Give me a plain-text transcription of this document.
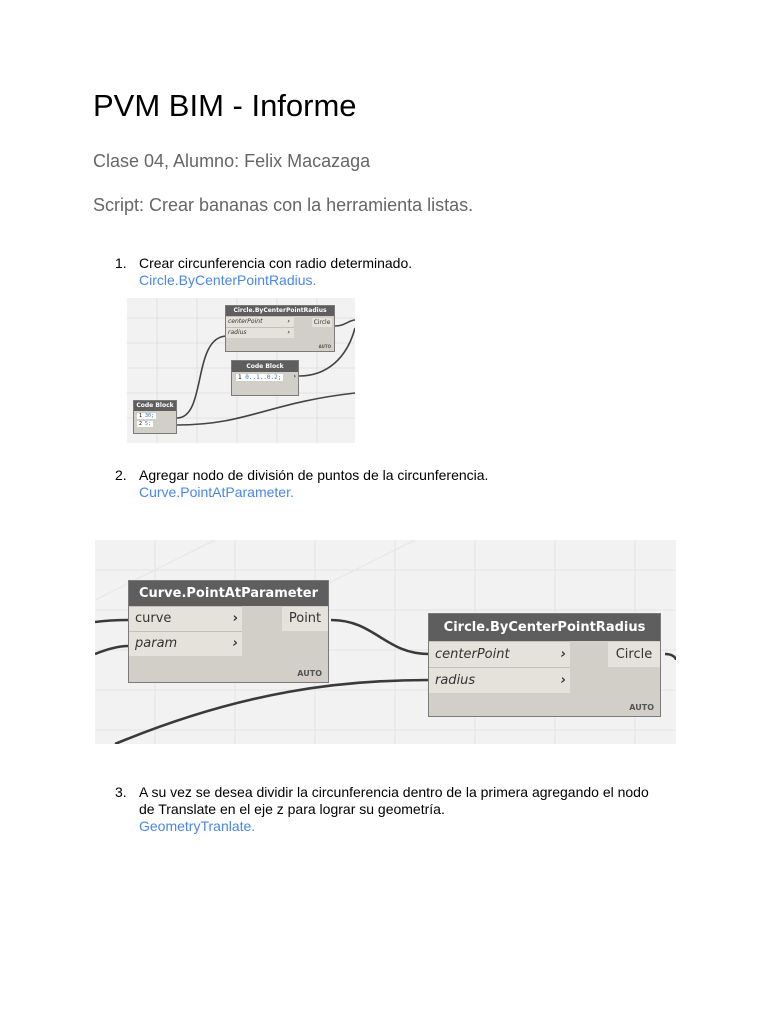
PVM BIM - Informe
Clase 04, Alumno: Felix Macazaga
Script: Crear bananas con la herramienta listas.
1. Crear circunferencia con radio determinado.
Circle.ByCenterPointRadius.
Circle.ByCenterPointRadius
centerPoint	›
radius	›
Circle
AUTO
Code Block
1 0..1..0.2;	›
Code Block
1 30;
2 5;
2. Agregar nodo de división de puntos de la circunferencia.
Curve.PointAtParameter.
Curve.PointAtParameter
curve	›
param	›
Point
AUTO
Circle.ByCenterPointRadius
centerPoint	›
radius	›
Circle
AUTO
3. A su vez se desea dividir la circunferencia dentro de la primera agregando el nodo
de Translate en el eje z para lograr su geometría.
GeometryTranlate.
